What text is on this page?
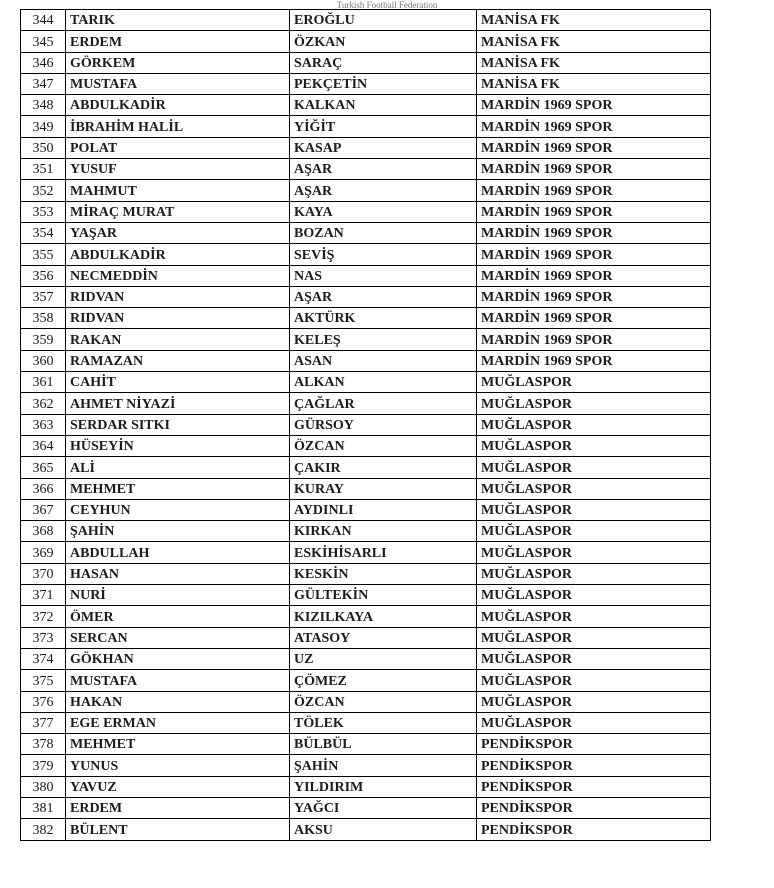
Turkish Football Federation
344	TARIK	EROĞLU	MANİSA FK
345	ERDEM	ÖZKAN	MANİSA FK
346	GÖRKEM	SARAÇ	MANİSA FK
347	MUSTAFA	PEKÇETİN	MANİSA FK
348	ABDULKADİR	KALKAN	MARDİN 1969 SPOR
349	İBRAHİM HALİL	YİĞİT	MARDİN 1969 SPOR
350	POLAT	KASAP	MARDİN 1969 SPOR
351	YUSUF	AŞAR	MARDİN 1969 SPOR
352	MAHMUT	AŞAR	MARDİN 1969 SPOR
353	MİRAÇ MURAT	KAYA	MARDİN 1969 SPOR
354	YAŞAR	BOZAN	MARDİN 1969 SPOR
355	ABDULKADİR	SEVİŞ	MARDİN 1969 SPOR
356	NECMEDDİN	NAS	MARDİN 1969 SPOR
357	RIDVAN	AŞAR	MARDİN 1969 SPOR
358	RIDVAN	AKTÜRK	MARDİN 1969 SPOR
359	RAKAN	KELEŞ	MARDİN 1969 SPOR
360	RAMAZAN	ASAN	MARDİN 1969 SPOR
361	CAHİT	ALKAN	MUĞLASPOR
362	AHMET NİYAZİ	ÇAĞLAR	MUĞLASPOR
363	SERDAR SITKI	GÜRSOY	MUĞLASPOR
364	HÜSEYİN	ÖZCAN	MUĞLASPOR
365	ALİ	ÇAKIR	MUĞLASPOR
366	MEHMET	KURAY	MUĞLASPOR
367	CEYHUN	AYDINLI	MUĞLASPOR
368	ŞAHİN	KIRKAN	MUĞLASPOR
369	ABDULLAH	ESKİHİSARLI	MUĞLASPOR
370	HASAN	KESKİN	MUĞLASPOR
371	NURİ	GÜLTEKİN	MUĞLASPOR
372	ÖMER	KIZILKAYA	MUĞLASPOR
373	SERCAN	ATASOY	MUĞLASPOR
374	GÖKHAN	UZ	MUĞLASPOR
375	MUSTAFA	ÇÖMEZ	MUĞLASPOR
376	HAKAN	ÖZCAN	MUĞLASPOR
377	EGE ERMAN	TÖLEK	MUĞLASPOR
378	MEHMET	BÜLBÜL	PENDİKSPOR
379	YUNUS	ŞAHİN	PENDİKSPOR
380	YAVUZ	YILDIRIM	PENDİKSPOR
381	ERDEM	YAĞCI	PENDİKSPOR
382	BÜLENT	AKSU	PENDİKSPOR
